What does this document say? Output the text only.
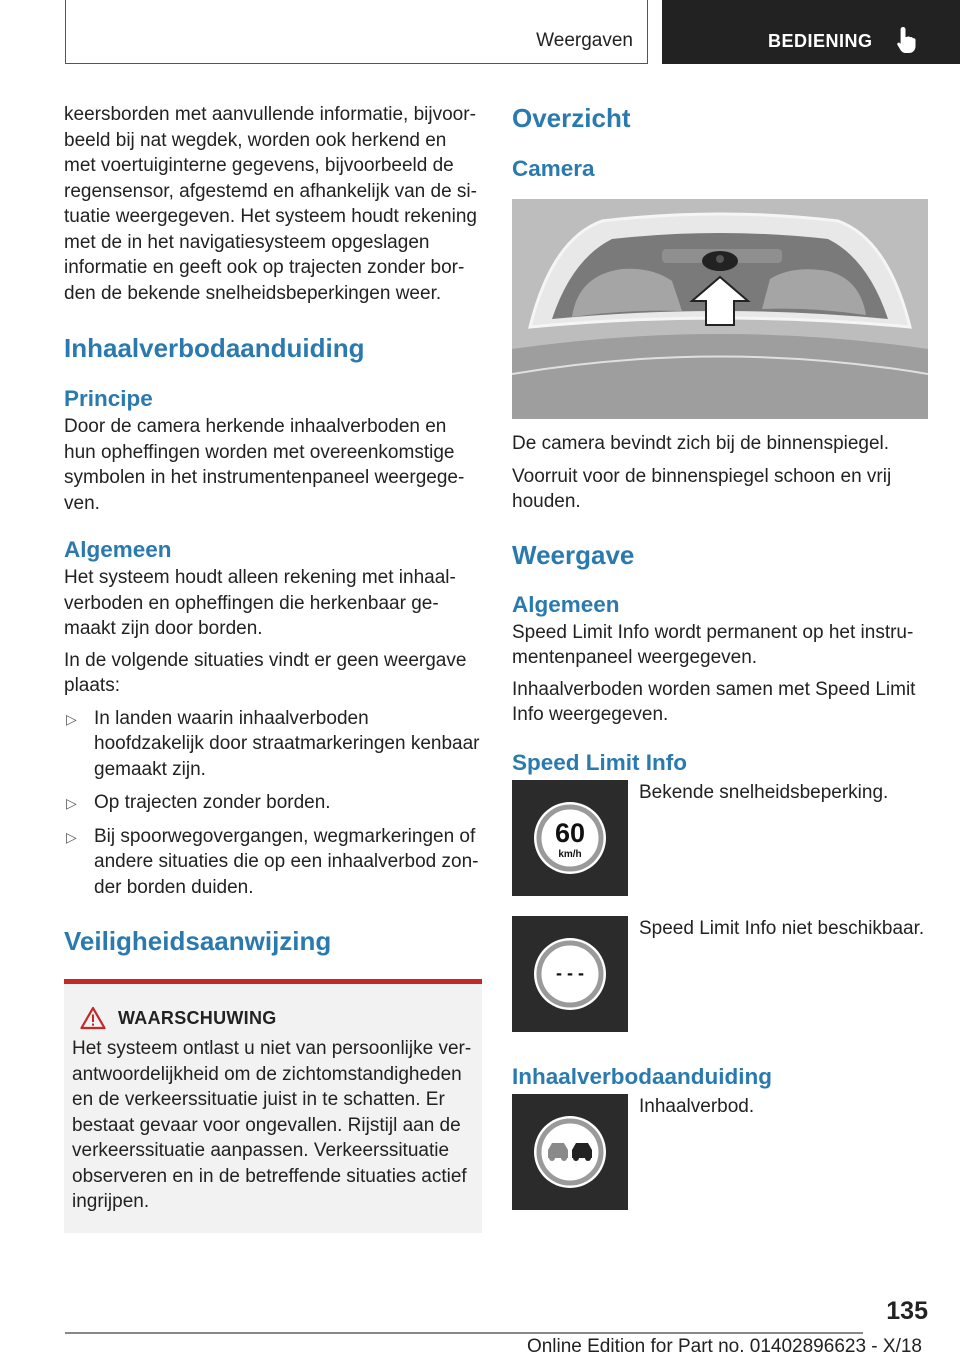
Weergaven	BEDIENING

keersborden met aanvullende informatie, bijvoorbeeld bij nat wegdek, worden ook herkend en met voertuiginterne gegevens, bijvoorbeeld de regensensor, afgestemd en afhankelijk van de situatie weergegeven. Het systeem houdt rekening met de in het navigatiesysteem opgeslagen informatie en geeft ook op trajecten zonder borden de bekende snelheidsbeperkingen weer.

Inhaalverbodaanduiding
Principe

Door de camera herkende inhaalverboden en hun opheffingen worden met overeenkomstige symbolen in het instrumentenpaneel weergegeven.

Algemeen

Het systeem houdt alleen rekening met inhaalverboden en opheffingen die herkenbaar gemaakt zijn door borden.

In de volgende situaties vindt er geen weergave plaats:

▷ In landen waarin inhaalverboden hoofdzakelijk door straatmarkeringen kenbaar gemaakt zijn.
▷ Op trajecten zonder borden.
▷ Bij spoorwegovergangen, wegmarkeringen of andere situaties die op een inhaalverbod zonder borden duiden.
Veiligheidsaanwijzing
WAARSCHUWING

Het systeem ontlast u niet van persoonlijke verantwoordelijkheid om de zichtomstandigheden en de verkeerssituatie juist in te schatten. Er bestaat gevaar voor ongevallen. Rijstijl aan de verkeerssituatie aanpassen. Verkeerssituatie observeren en in de betreffende situaties actief ingrijpen.

Overzicht
Camera

De camera bevindt zich bij de binnenspiegel.

Voorruit voor de binnenspiegel schoon en vrij houden.

Weergave
Algemeen

Speed Limit Info wordt permanent op het instrumentenpaneel weergegeven.

Inhaalverboden worden samen met Speed Limit Info weergegeven.

Speed Limit Info
60
km/h

Bekende snelheidsbeperking.

- - -

Speed Limit Info niet beschikbaar.

Inhaalverbodaanduiding

Inhaalverbod.

135
Online Edition for Part no. 01402896623 - X/18
